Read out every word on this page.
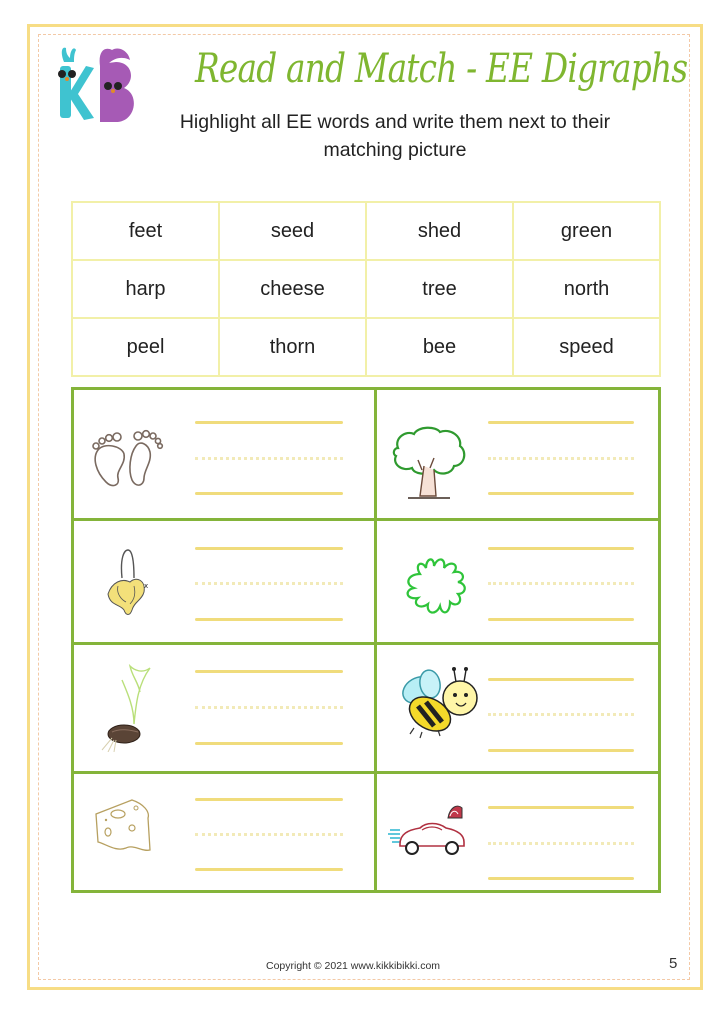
Read and Match - EE Digraphs
Highlight all EE words and write them next to their
matching picture
feet	seed	shed	green
harp	cheese	tree	north
peel	thorn	bee	speed
x
Copyright © 2021 www.kikkibikki.com	5
